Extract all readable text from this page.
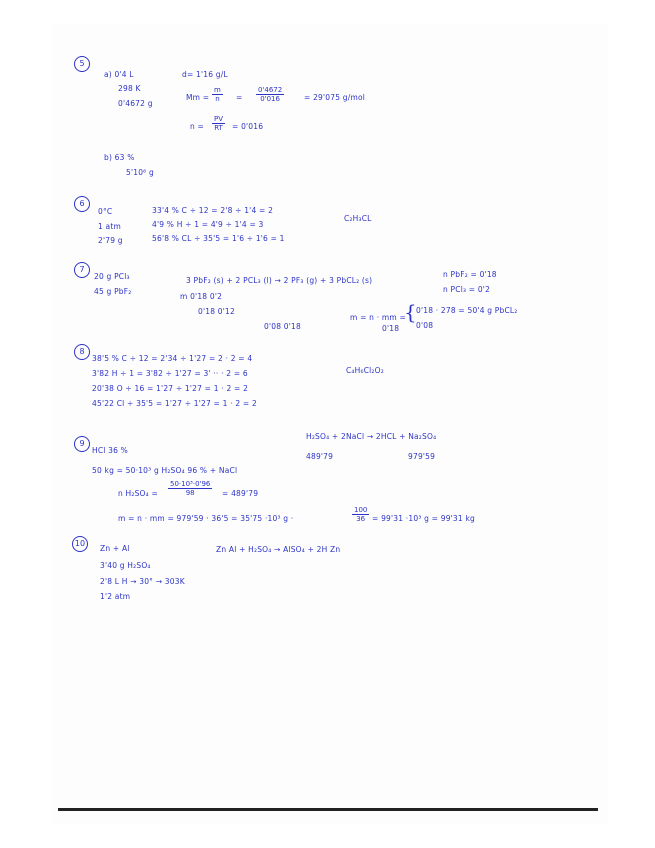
5
a) 0'4 L
298 K
0'4672 g
d= 1'16 g/L
$Mm = \frac{m}{n} = \frac{0'4672}{0'016}$	= 29'075 g/mol
$n = \frac{PV}{RT} = 0'016$
b) 63 %
5'10⁶ g
6
0°C	33'4 % C ÷ 12 = 2'8 ÷ 1'4 = 2
1 atm	4'9 % H ÷ 1 = 4'9 ÷ 1'4 = 3
2'79 g	56'8 % CL ÷ 35'5 = 1'6 ÷ 1'6 = 1
C₂H₃CL
7
20 g PCl₃
45 g PbF₂
3 PbF₂ (s) + 2 PCL₃ (l) → 2 PF₃ (g) + 3 PbCL₂ (s)
m 0'18 0'2
0'18 0'12
0'08 0'18
n PbF₂ = 0'18
n PCl₃ = 0'2
m = n · mm =
{ 0'18 · 278 = 50'4 g PbCL₂
0'18 0'08
8
38'5 % C ÷ 12 = 2'34 ÷ 1'27 = 2 · 2 = 4
3'82 H ÷ 1 = 3'82 ÷ 1'27 = 3' ·· · 2 = 6
20'38 O ÷ 16 = 1'27 ÷ 1'27 = 1 · 2 = 2
45'22 Cl ÷ 35'5 = 1'27 ÷ 1'27 = 1 · 2 = 2
C₄H₆Cl₂O₂
9
HCl 36 %
H₂SO₄ + 2NaCl → 2HCL + Na₂SO₄
489'79	979'59
50 kg = 50·10³ g H₂SO₄ 96 % + NaCl
n $H_2SO_4 = \frac{\text{50·10³·0'96}}{98} = 489'79$
m = n · mm = 979'59 · 36'5 = 35'75 ·10³ g ·	$\frac{100}{36} = 99'31 \cdot 10^3$ g = 99'31 kg
10
Zn + Al	Zn Al + H₂SO₄ → AlSO₄ + 2H Zn
3'40 g H₂SO₄
2'8 L H → 30° → 303K
1'2 atm
